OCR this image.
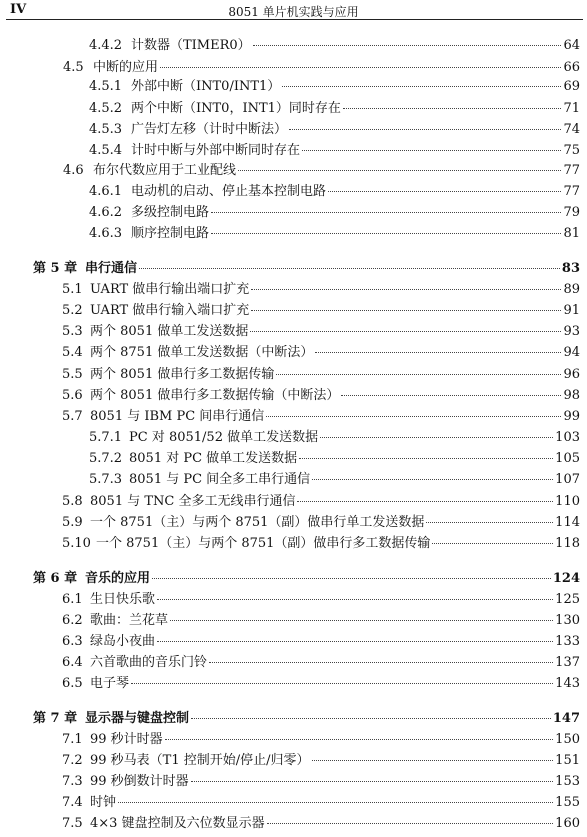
IV	8051 单片机实践与应用
4.4.2 计数器（TIMER0）	64
4.5 中断的应用	66
4.5.1 外部中断（INT0/INT1）	69
4.5.2 两个中断（INT0，INT1）同时存在	71
4.5.3 广告灯左移（计时中断法）	74
4.5.4 计时中断与外部中断同时存在	75
4.6 布尔代数应用于工业配线	77
4.6.1 电动机的启动、停止基本控制电路	77
4.6.2 多级控制电路	79
4.6.3 顺序控制电路	81
第 5 章 串行通信	83
5.1 UART 做串行输出端口扩充	89
5.2 UART 做串行输入端口扩充	91
5.3 两个 8051 做单工发送数据	93
5.4 两个 8751 做单工发送数据（中断法）	94
5.5 两个 8051 做串行多工数据传输	96
5.6 两个 8051 做串行多工数据传输（中断法）	98
5.7 8051 与 IBM PC 间串行通信	99
5.7.1 PC 对 8051/52 做单工发送数据	103
5.7.2 8051 对 PC 做单工发送数据	105
5.7.3 8051 与 PC 间全多工串行通信	107
5.8 8051 与 TNC 全多工无线串行通信	110
5.9 一个 8751（主）与两个 8751（副）做串行单工发送数据	114
5.10 一个 8751（主）与两个 8751（副）做串行多工数据传输	118
第 6 章 音乐的应用	124
6.1 生日快乐歌	125
6.2 歌曲：兰花草	130
6.3 绿岛小夜曲	133
6.4 六首歌曲的音乐门铃	137
6.5 电子琴	143
第 7 章 显示器与键盘控制	147
7.1 99 秒计时器	150
7.2 99 秒马表（T1 控制开始/停止/归零）	151
7.3 99 秒倒数计时器	153
7.4 时钟	155
7.5 4×3 键盘控制及六位数显示器	160
